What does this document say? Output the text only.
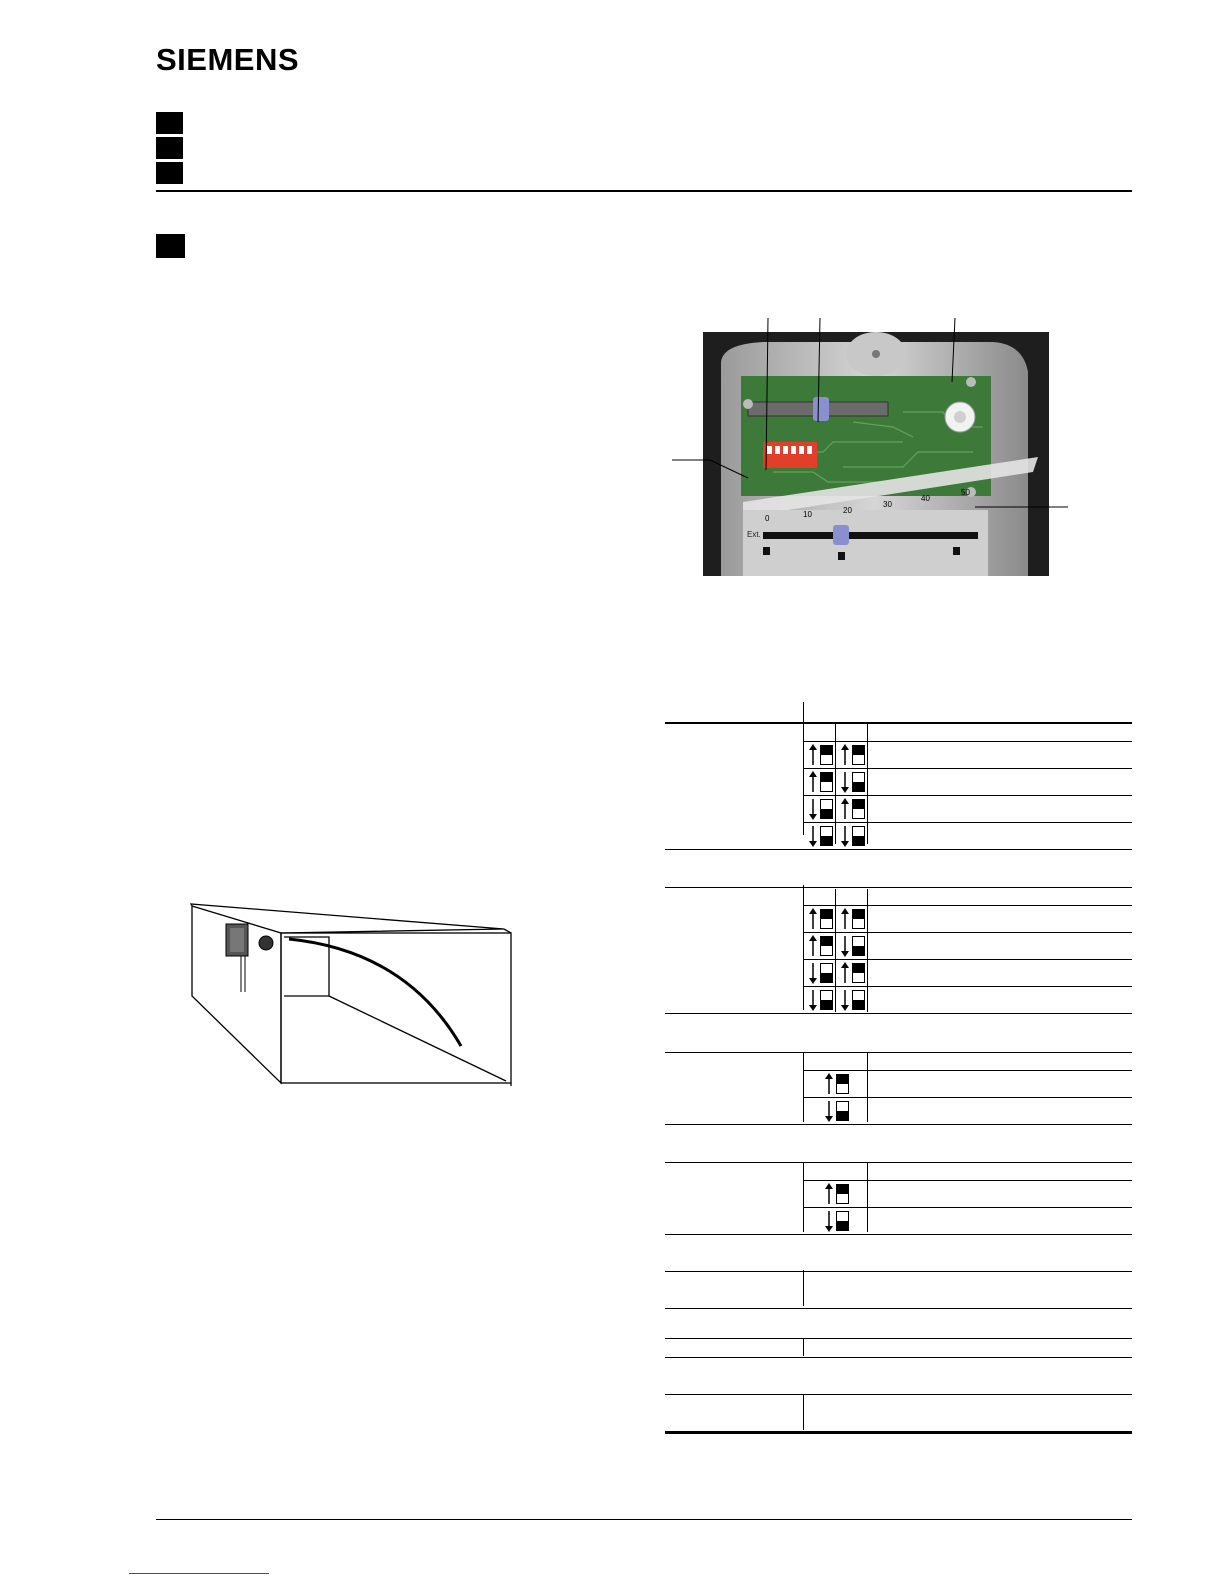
SIEMENS
Ext.
0	10	20
30
40
50
